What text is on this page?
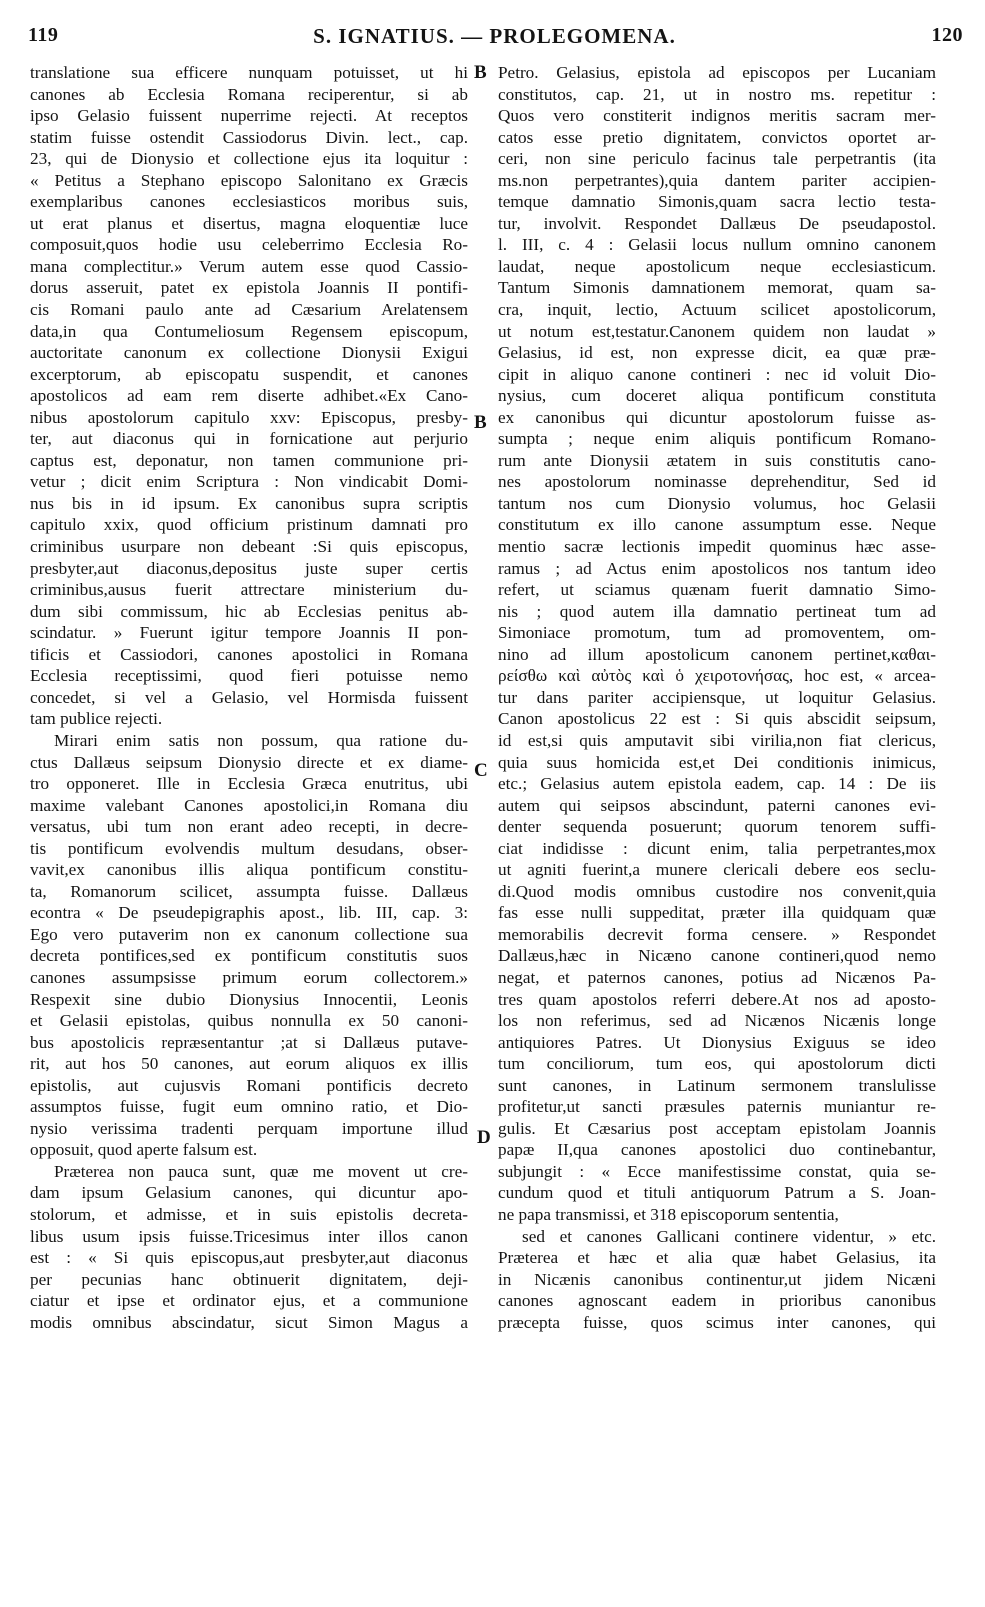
119	S. IGNATIUS. — PROLEGOMENA.	120
B
B
C
D
translatione sua efficere nunquam potuisset, ut hi
canones ab Ecclesia Romana reciperentur, si ab
ipso Gelasio fuissent nuperrime rejecti. At receptos
statim fuisse ostendit Cassiodorus Divin. lect., cap.
23, qui de Dionysio et collectione ejus ita loquitur :
« Petitus a Stephano episcopo Salonitano ex Græcis
exemplaribus canones ecclesiasticos moribus suis,
ut erat planus et disertus, magna eloquentiæ luce
composuit,quos hodie usu celeberrimo Ecclesia Ro-
mana complectitur.» Verum autem esse quod Cassio-
dorus asseruit, patet ex epistola Joannis II pontifi-
cis Romani paulo ante ad Cæsarium Arelatensem
data,in qua Contumeliosum Regensem episcopum,
auctoritate canonum ex collectione Dionysii Exigui
excerptorum, ab episcopatu suspendit, et canones
apostolicos ad eam rem diserte adhibet.«Ex Cano-
nibus apostolorum capitulo xxv: Episcopus, presby-
ter, aut diaconus qui in fornicatione aut perjurio
captus est, deponatur, non tamen communione pri-
vetur ; dicit enim Scriptura : Non vindicabit Domi-
nus bis in id ipsum. Ex canonibus supra scriptis
capitulo xxix, quod officium pristinum damnati pro
criminibus usurpare non debeant :Si quis episcopus,
presbyter,aut diaconus,depositus juste super certis
criminibus,ausus fuerit attrectare ministerium du-
dum sibi commissum, hic ab Ecclesias penitus ab-
scindatur. » Fuerunt igitur tempore Joannis II pon-
tificis et Cassiodori, canones apostolici in Romana
Ecclesia receptissimi, quod fieri potuisse nemo
concedet, si vel a Gelasio, vel Hormisda fuissent
tam publice rejecti.
Mirari enim satis non possum, qua ratione du-
ctus Dallæus seipsum Dionysio directe et ex diame-
tro opponeret. Ille in Ecclesia Græca enutritus, ubi
maxime valebant Canones apostolici,in Romana diu
versatus, ubi tum non erant adeo recepti, in decre-
tis pontificum evolvendis multum desudans, obser-
vavit,ex canonibus illis aliqua pontificum constitu-
ta, Romanorum scilicet, assumpta fuisse. Dallæus
econtra « De pseudepigraphis apost., lib. III, cap. 3:
Ego vero putaverim non ex canonum collectione sua
decreta pontifices,sed ex pontificum constitutis suos
canones assumpsisse primum eorum collectorem.»
Respexit sine dubio Dionysius Innocentii, Leonis
et Gelasii epistolas, quibus nonnulla ex 50 canoni-
bus apostolicis repræsentantur ;at si Dallæus putave-
rit, aut hos 50 canones, aut eorum aliquos ex illis
epistolis, aut cujusvis Romani pontificis decreto
assumptos fuisse, fugit eum omnino ratio, et Dio-
nysio verissima tradenti perquam importune illud
opposuit, quod aperte falsum est.
Præterea non pauca sunt, quæ me movent ut cre-
dam ipsum Gelasium canones, qui dicuntur apo-
stolorum, et admisse, et in suis epistolis decreta-
libus usum ipsis fuisse.Tricesimus inter illos canon
est : « Si quis episcopus,aut presbyter,aut diaconus
per pecunias hanc obtinuerit dignitatem, deji-
ciatur et ipse et ordinator ejus, et a communione
modis omnibus abscindatur, sicut Simon Magus a
Petro. Gelasius, epistola ad episcopos per Lucaniam
constitutos, cap. 21, ut in nostro ms. repetitur :
Quos vero constiterit indignos meritis sacram mer-
catos esse pretio dignitatem, convictos oportet ar-
ceri, non sine periculo facinus tale perpetrantis (ita
ms.non perpetrantes),quia dantem pariter accipien-
temque damnatio Simonis,quam sacra lectio testa-
tur, involvit. Respondet Dallæus De pseudapostol.
l. III, c. 4 : Gelasii locus nullum omnino canonem
laudat, neque apostolicum neque ecclesiasticum.
Tantum Simonis damnationem memorat, quam sa-
cra, inquit, lectio, Actuum scilicet apostolicorum,
ut notum est,testatur.Canonem quidem non laudat »
Gelasius, id est, non expresse dicit, ea quæ præ-
cipit in aliquo canone contineri : nec id voluit Dio-
nysius, cum doceret aliqua pontificum constituta
ex canonibus qui dicuntur apostolorum fuisse as-
sumpta ; neque enim aliquis pontificum Romano-
rum ante Dionysii ætatem in suis constitutis cano-
nes apostolorum nominasse deprehenditur, Sed id
tantum nos cum Dionysio volumus, hoc Gelasii
constitutum ex illo canone assumptum esse. Neque
mentio sacræ lectionis impedit quominus hæc asse-
ramus ; ad Actus enim apostolicos nos tantum ideo
refert, ut sciamus quænam fuerit damnatio Simo-
nis ; quod autem illa damnatio pertineat tum ad
Simoniace promotum, tum ad promoventem, om-
nino ad illum apostolicum canonem pertinet,καθαι-
ρείσθω καὶ αὐτὸς καὶ ὁ χειροτονήσας, hoc est, « arcea-
tur dans pariter accipiensque, ut loquitur Gelasius.
Canon apostolicus 22 est : Si quis abscidit seipsum,
id est,si quis amputavit sibi virilia,non fiat clericus,
quia suus homicida est,et Dei conditionis inimicus,
etc.; Gelasius autem epistola eadem, cap. 14 : De iis
autem qui seipsos abscindunt, paterni canones evi-
denter sequenda posuerunt; quorum tenorem suffi-
ciat indidisse : dicunt enim, talia perpetrantes,mox
ut agniti fuerint,a munere clericali debere eos seclu-
di.Quod modis omnibus custodire nos convenit,quia
fas esse nulli suppeditat, præter illa quidquam quæ
memorabilis decrevit forma censere. » Respondet
Dallæus,hæc in Nicæno canone contineri,quod nemo
negat, et paternos canones, potius ad Nicænos Pa-
tres quam apostolos referri debere.At nos ad aposto-
los non referimus, sed ad Nicænos Nicænis longe
antiquiores Patres. Ut Dionysius Exiguus se ideo
tum conciliorum, tum eos, qui apostolorum dicti
sunt canones, in Latinum sermonem translulisse
profitetur,ut sancti præsules paternis muniantur re-
gulis. Et Cæsarius post acceptam epistolam Joannis
papæ II,qua canones apostolici duo continebantur,
subjungit : « Ecce manifestissime constat, quia se-
cundum quod et tituli antiquorum Patrum a S. Joan-
ne papa transmissi, et 318 episcoporum sententia,
sed et canones Gallicani continere videntur, » etc.
Præterea et hæc et alia quæ habet Gelasius, ita
in Nicænis canonibus continentur,ut jidem Nicæni
canones agnoscant eadem in prioribus canonibus
præcepta fuisse, quos scimus inter canones, qui
